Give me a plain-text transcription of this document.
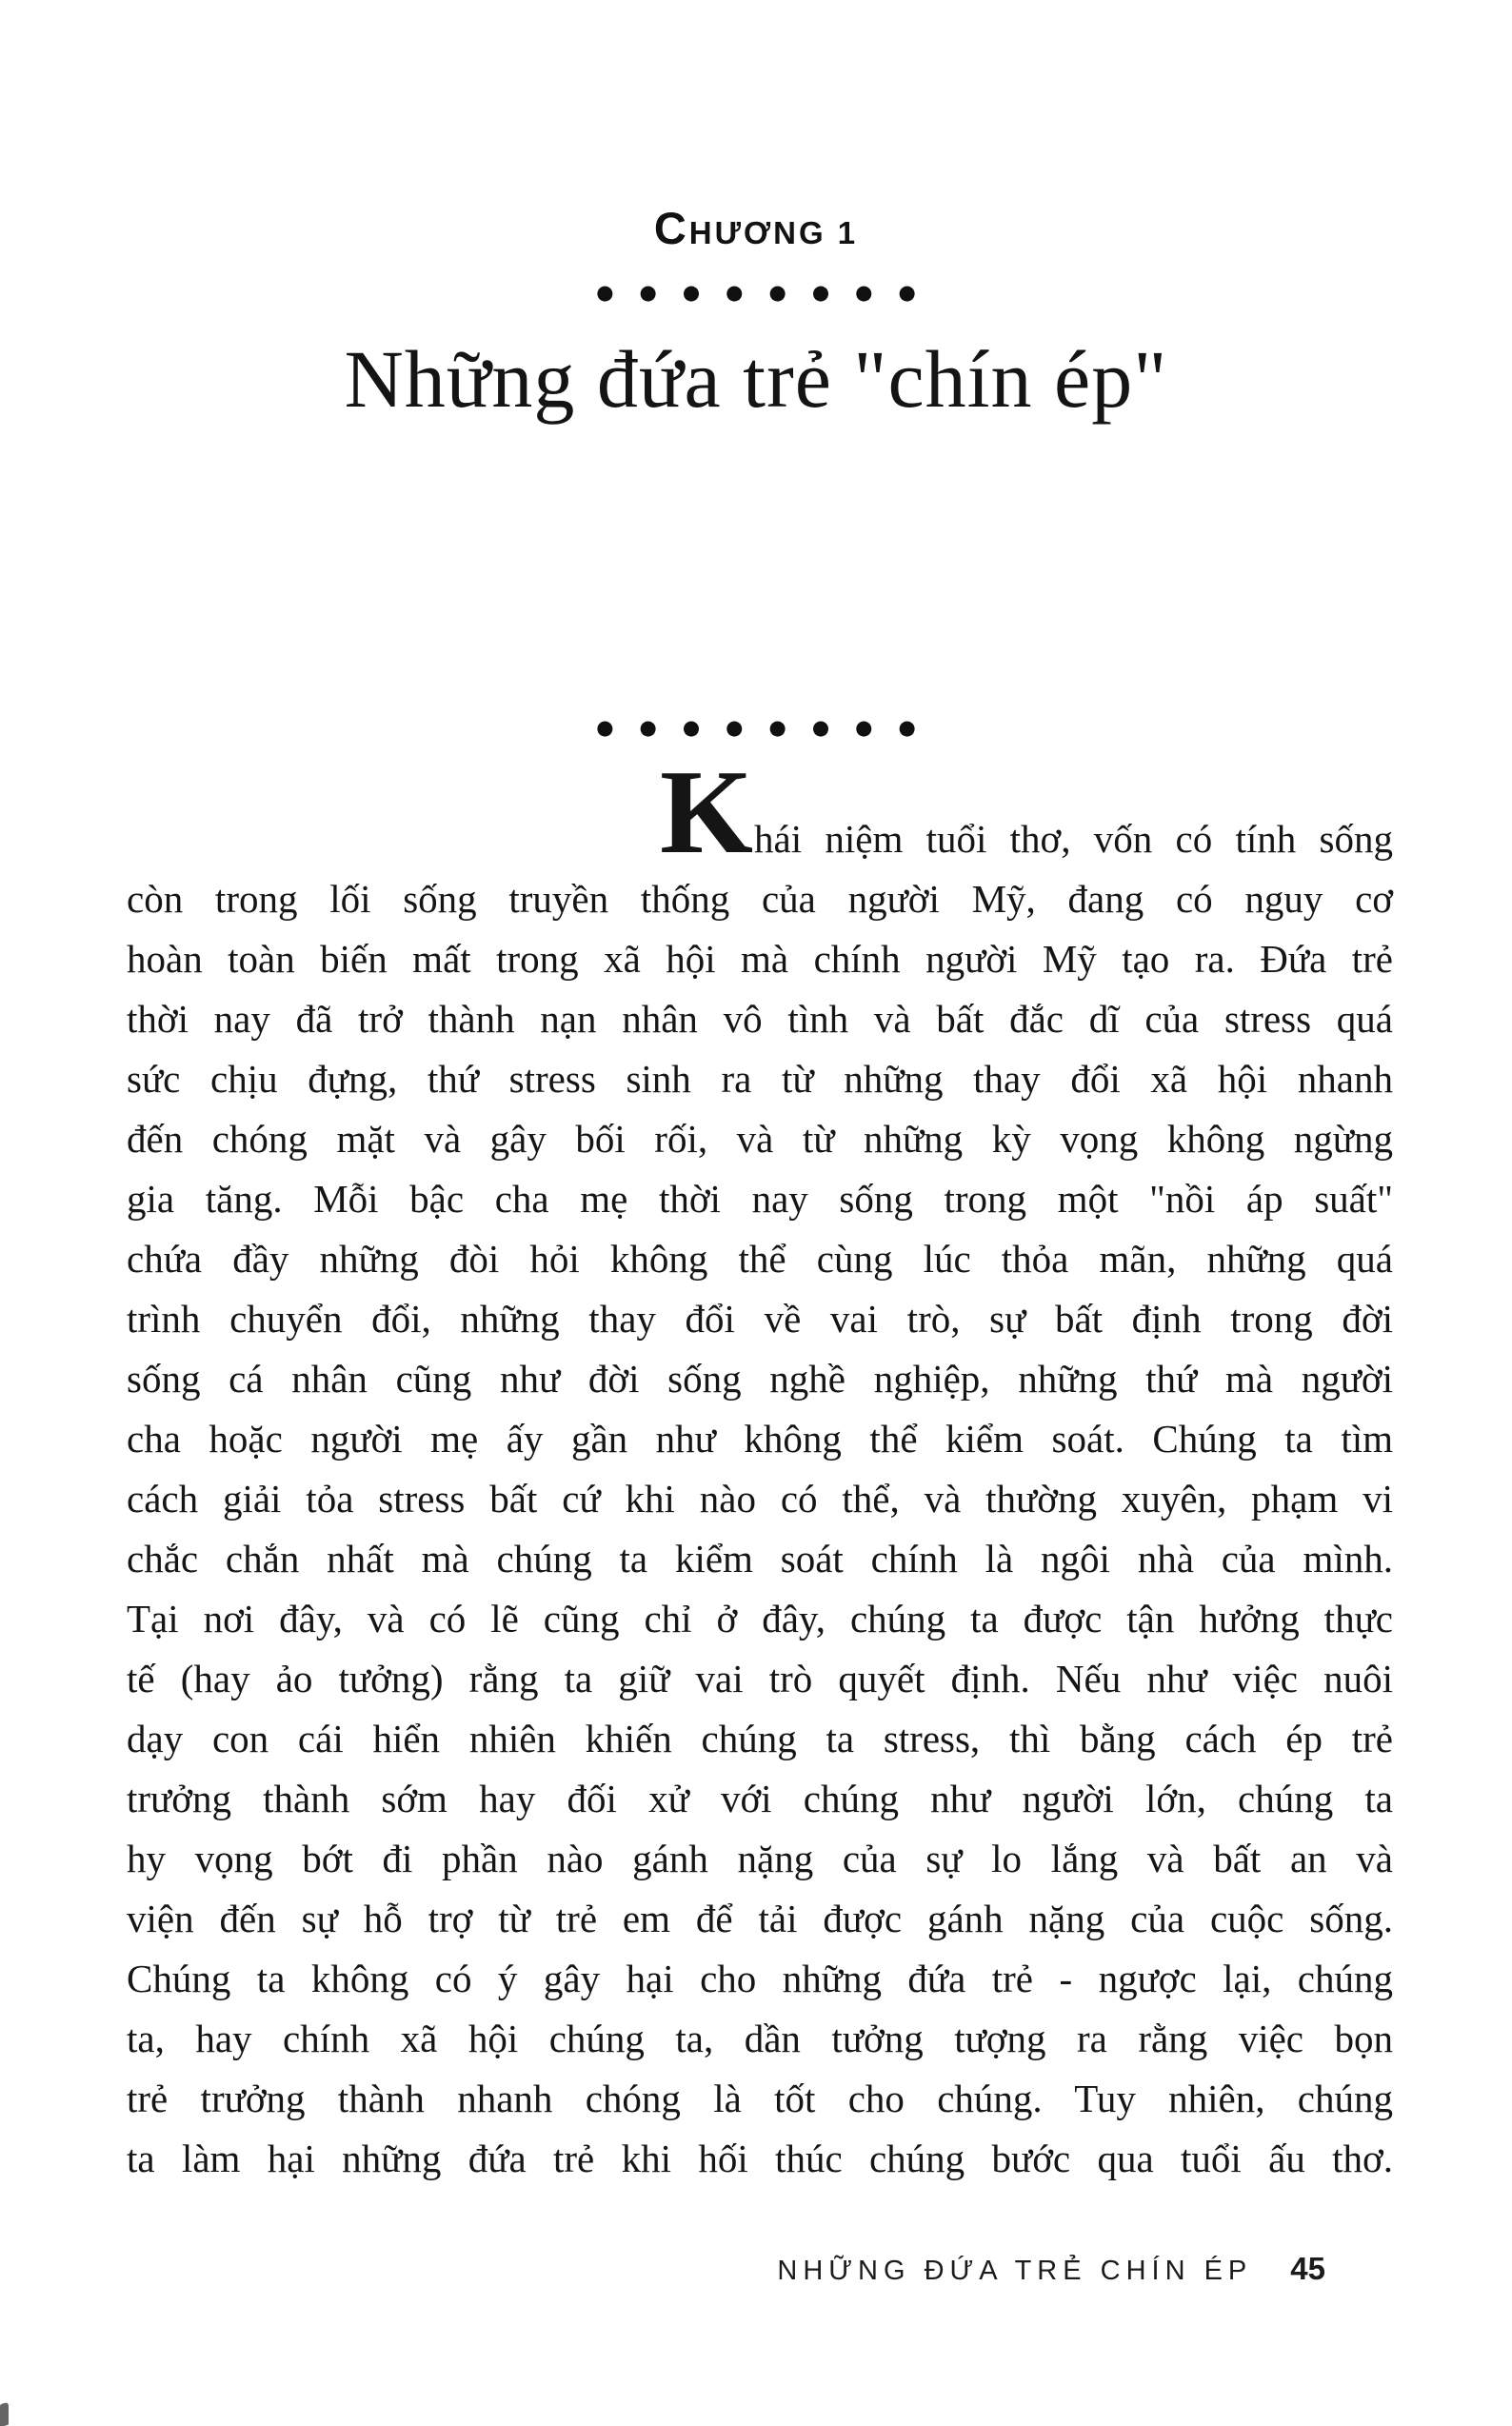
CHƯƠNG 1
●●●●●●●●
Những đứa trẻ "chín ép"
●●●●●●●●
Khái niệm tuổi thơ, vốn có tính sống
còn trong lối sống truyền thống của người Mỹ, đang có nguy cơ
hoàn toàn biến mất trong xã hội mà chính người Mỹ tạo ra. Đứa trẻ
thời nay đã trở thành nạn nhân vô tình và bất đắc dĩ của stress quá
sức chịu đựng, thứ stress sinh ra từ những thay đổi xã hội nhanh
đến chóng mặt và gây bối rối, và từ những kỳ vọng không ngừng
gia tăng. Mỗi bậc cha mẹ thời nay sống trong một "nồi áp suất"
chứa đầy những đòi hỏi không thể cùng lúc thỏa mãn, những quá
trình chuyển đổi, những thay đổi về vai trò, sự bất định trong đời
sống cá nhân cũng như đời sống nghề nghiệp, những thứ mà người
cha hoặc người mẹ ấy gần như không thể kiểm soát. Chúng ta tìm
cách giải tỏa stress bất cứ khi nào có thể, và thường xuyên, phạm vi
chắc chắn nhất mà chúng ta kiểm soát chính là ngôi nhà của mình.
Tại nơi đây, và có lẽ cũng chỉ ở đây, chúng ta được tận hưởng thực
tế (hay ảo tưởng) rằng ta giữ vai trò quyết định. Nếu như việc nuôi
dạy con cái hiển nhiên khiến chúng ta stress, thì bằng cách ép trẻ
trưởng thành sớm hay đối xử với chúng như người lớn, chúng ta
hy vọng bớt đi phần nào gánh nặng của sự lo lắng và bất an và
viện đến sự hỗ trợ từ trẻ em để tải được gánh nặng của cuộc sống.
Chúng ta không có ý gây hại cho những đứa trẻ - ngược lại, chúng
ta, hay chính xã hội chúng ta, dần tưởng tượng ra rằng việc bọn
trẻ trưởng thành nhanh chóng là tốt cho chúng. Tuy nhiên, chúng
ta làm hại những đứa trẻ khi hối thúc chúng bước qua tuổi ấu thơ.
NHỮNG ĐỨA TRẺ CHÍN ÉP 45
